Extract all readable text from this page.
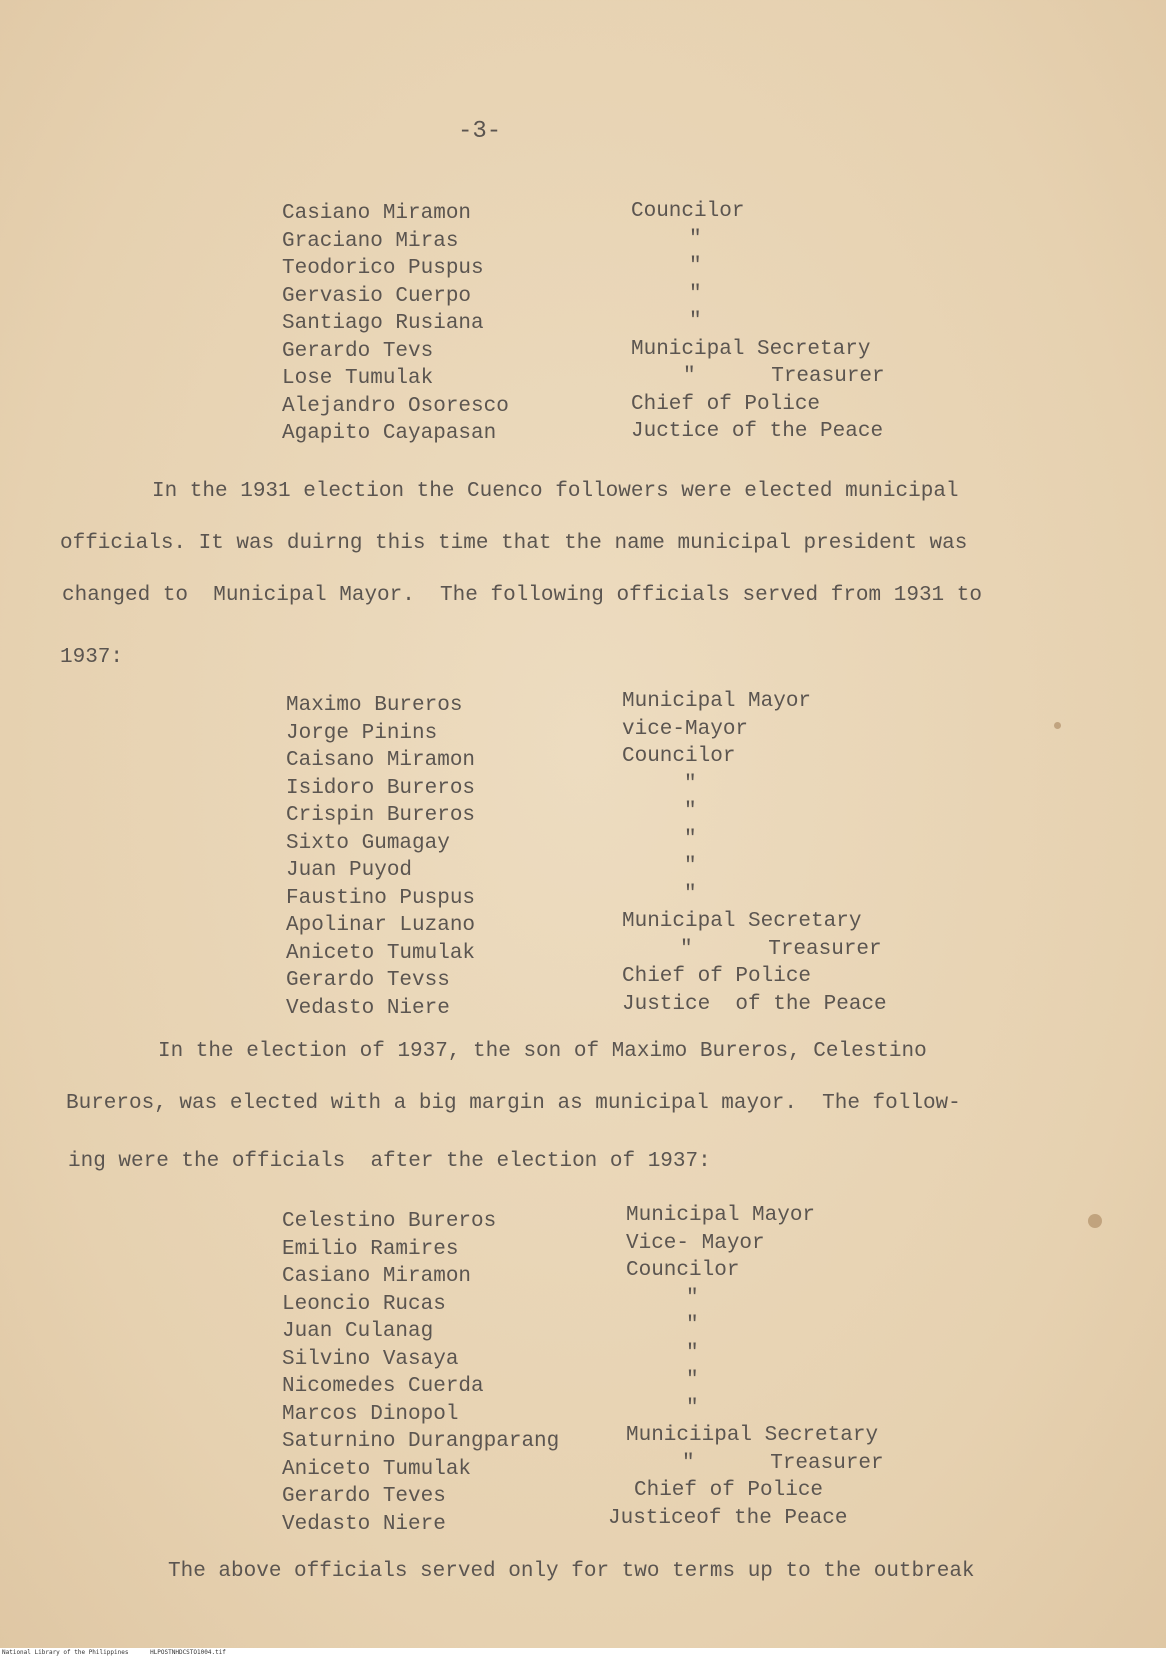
-3-
Casiano Miramon
Graciano Miras
Teodorico Puspus
Gervasio Cuerpo
Santiago Rusiana
Gerardo Tevs
Lose Tumulak
Alejandro Osoresco
Agapito Cayapasan
Councilor
"
"
"
"
Municipal Secretary
"      Treasurer
Chief of Police
Juctice of the Peace
In the 1931 election the Cuenco followers were elected municipal
officials. It was duirng this time that the name municipal president was
changed to  Municipal Mayor.  The following officials served from 1931 to
1937:
Maximo Bureros
Jorge Pinins
Caisano Miramon
Isidoro Bureros
Crispin Bureros
Sixto Gumagay
Juan Puyod
Faustino Puspus
Apolinar Luzano
Aniceto Tumulak
Gerardo Tevss
Vedasto Niere
Municipal Mayor
vice-Mayor
Councilor
"
"
"
"
"
Municipal Secretary
"      Treasurer
Chief of Police
Justice  of the Peace
In the election of 1937, the son of Maximo Bureros, Celestino
Bureros, was elected with a big margin as municipal mayor.  The follow-
ing were the officials  after the election of 1937:
Celestino Bureros
Emilio Ramires
Casiano Miramon
Leoncio Rucas
Juan Culanag
Silvino Vasaya
Nicomedes Cuerda
Marcos Dinopol
Saturnino Durangparang
Aniceto Tumulak
Gerardo Teves
Vedasto Niere
Municipal Mayor
Vice- Mayor
Councilor
"
"
"
"
"
Municiipal Secretary
"      Treasurer
Chief of Police
Justiceof the Peace
The above officials served only for two terms up to the outbreak
National Library of the Philippines	HLPOSTNHDCSTO1004.tif
